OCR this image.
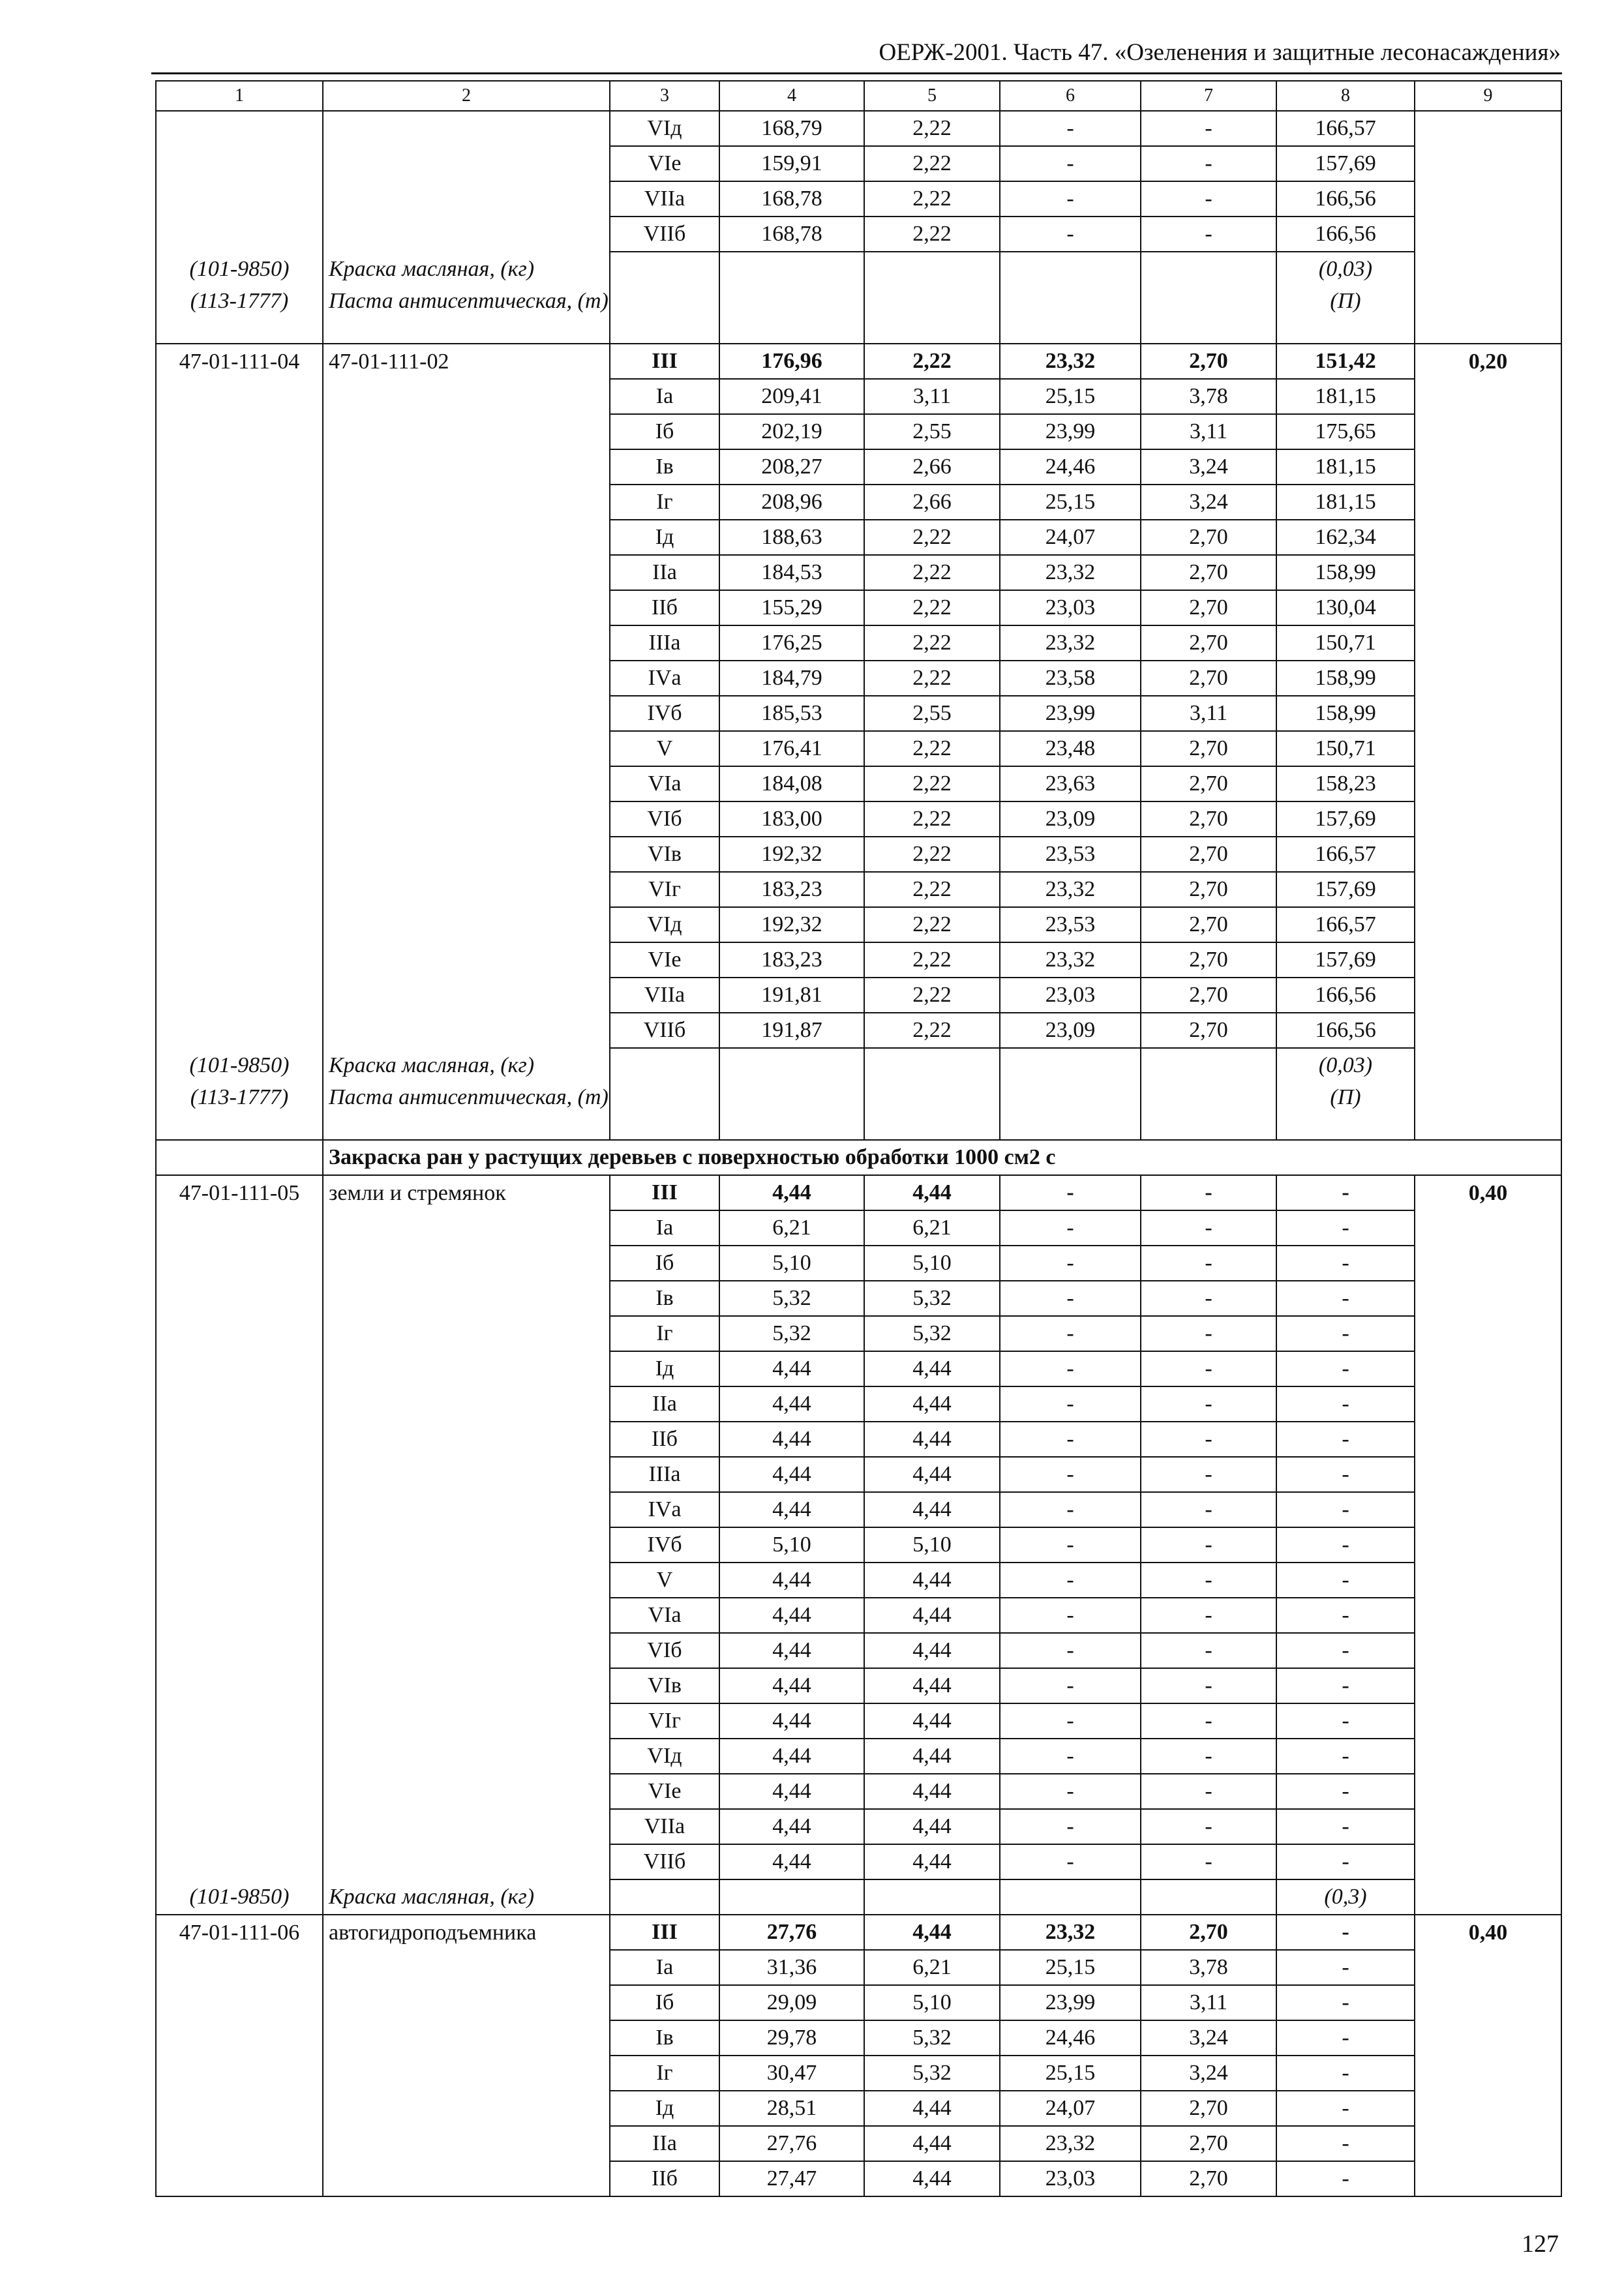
ОЕРЖ-2001. Часть 47. «Озеленения и защитные лесонасаждения»
1	2	3	4	5	6	7	8	9
		VIд	168,79	2,22	-	-	166,57	
		VIе	159,91	2,22	-	-	157,69	
		VIIа	168,78	2,22	-	-	166,56	
		VIIб	168,78	2,22	-	-	166,56	
(101-9850)	Краска масляная, (кг)						(0,03)	
(113-1777)	Паста антисептическая, (т)						(П)	
47-01-111-04	47-01-111-02	III	176,96	2,22	23,32	2,70	151,42	0,20
		Iа	209,41	3,11	25,15	3,78	181,15	
		Iб	202,19	2,55	23,99	3,11	175,65	
		Iв	208,27	2,66	24,46	3,24	181,15	
		Iг	208,96	2,66	25,15	3,24	181,15	
		Iд	188,63	2,22	24,07	2,70	162,34	
		IIа	184,53	2,22	23,32	2,70	158,99	
		IIб	155,29	2,22	23,03	2,70	130,04	
		IIIа	176,25	2,22	23,32	2,70	150,71	
		IVа	184,79	2,22	23,58	2,70	158,99	
		IVб	185,53	2,55	23,99	3,11	158,99	
		V	176,41	2,22	23,48	2,70	150,71	
		VIа	184,08	2,22	23,63	2,70	158,23	
		VIб	183,00	2,22	23,09	2,70	157,69	
		VIв	192,32	2,22	23,53	2,70	166,57	
		VIг	183,23	2,22	23,32	2,70	157,69	
		VIд	192,32	2,22	23,53	2,70	166,57	
		VIе	183,23	2,22	23,32	2,70	157,69	
		VIIа	191,81	2,22	23,03	2,70	166,56	
		VIIб	191,87	2,22	23,09	2,70	166,56	
(101-9850)	Краска масляная, (кг)						(0,03)	
(113-1777)	Паста антисептическая, (т)						(П)	
	Закраска ран у растущих деревьев с поверхностью обработки 1000 см2 с							
47-01-111-05	земли и стремянок	III	4,44	4,44	-	-	-	0,40
		Iа	6,21	6,21	-	-	-	
		Iб	5,10	5,10	-	-	-	
		Iв	5,32	5,32	-	-	-	
		Iг	5,32	5,32	-	-	-	
		Iд	4,44	4,44	-	-	-	
		IIа	4,44	4,44	-	-	-	
		IIб	4,44	4,44	-	-	-	
		IIIа	4,44	4,44	-	-	-	
		IVа	4,44	4,44	-	-	-	
		IVб	5,10	5,10	-	-	-	
		V	4,44	4,44	-	-	-	
		VIа	4,44	4,44	-	-	-	
		VIб	4,44	4,44	-	-	-	
		VIв	4,44	4,44	-	-	-	
		VIг	4,44	4,44	-	-	-	
		VIд	4,44	4,44	-	-	-	
		VIе	4,44	4,44	-	-	-	
		VIIа	4,44	4,44	-	-	-	
		VIIб	4,44	4,44	-	-	-	
(101-9850)	Краска масляная, (кг)						(0,3)	
47-01-111-06	автогидроподъемника	III	27,76	4,44	23,32	2,70	-	0,40
		Iа	31,36	6,21	25,15	3,78	-	
		Iб	29,09	5,10	23,99	3,11	-	
		Iв	29,78	5,32	24,46	3,24	-	
		Iг	30,47	5,32	25,15	3,24	-	
		Iд	28,51	4,44	24,07	2,70	-	
		IIа	27,76	4,44	23,32	2,70	-	
		IIб	27,47	4,44	23,03	2,70	-	
127
